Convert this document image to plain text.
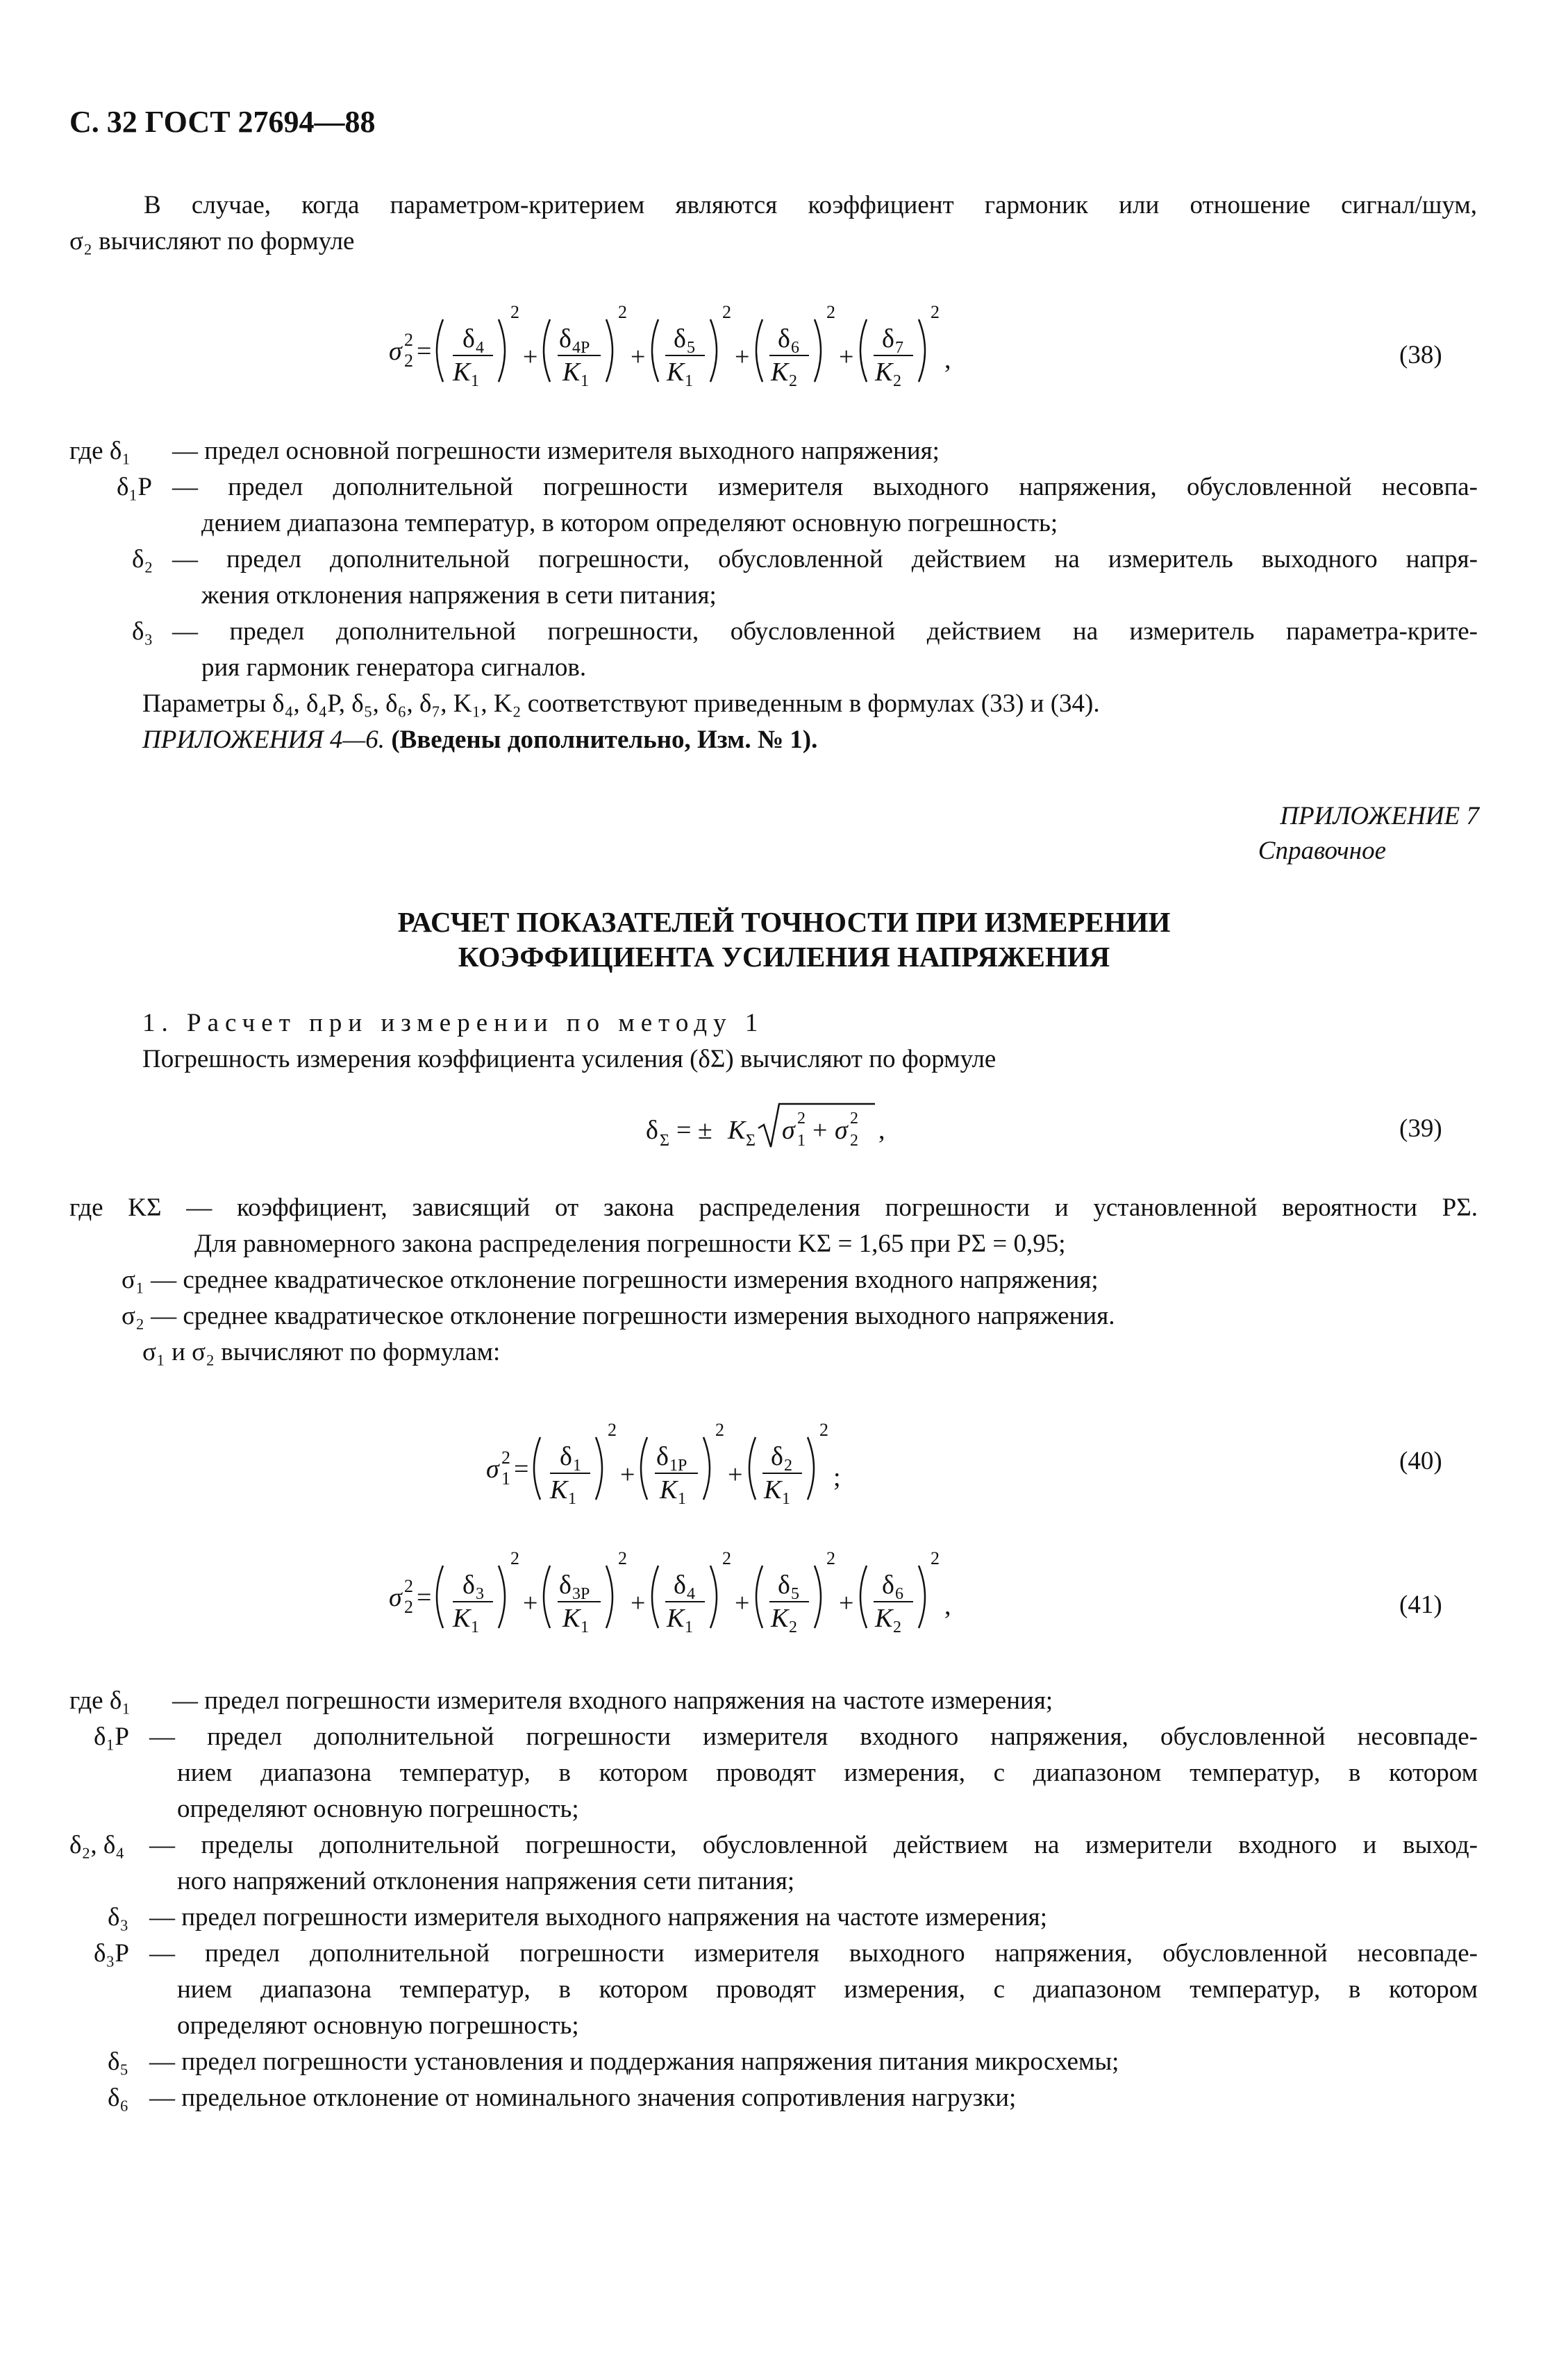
С. 32 ГОСТ 27694—88
В случае, когда параметром-критерием являются коэффициент гармоник или отношение сигнал/шум,
σ₂ вычисляют по формуле
σ 2
2 = δ 4
K 1
2
+
δ 4P
K 1
2
+
δ 5
K 1
2
+
δ 6
K 2
2
+
δ 7
K 2
2
,	(38)
где δ₁ — предел основной погрешности измерителя выходного напряжения;
δ₁P — предел дополнительной погрешности измерителя выходного напряжения, обусловленной несовпа-
дением диапазона температур, в котором определяют основную погрешность;
δ₂ — предел дополнительной погрешности, обусловленной действием на измеритель выходного напря-
жения отклонения напряжения в сети питания;
δ₃ — предел дополнительной погрешности, обусловленной действием на измеритель параметра-крите-
рия гармоник генератора сигналов.
Параметры δ₄, δ₄P, δ₅, δ₆, δ₇, K₁, K₂ соответствуют приведенным в формулах (33) и (34).
ПРИЛОЖЕНИЯ 4—6. (Введены дополнительно, Изм. № 1).
ПРИЛОЖЕНИЕ 7
Справочное
РАСЧЕТ ПОКАЗАТЕЛЕЙ ТОЧНОСТИ ПРИ ИЗМЕРЕНИИ
КОЭФФИЦИЕНТА УСИЛЕНИЯ НАПРЯЖЕНИЯ
1. Расчет при измерении по методу 1
Погрешность измерения коэффициента усиления (δΣ) вычисляют по формуле
δ Σ = ± K Σ σ 1
2 + σ 2
2 ,	(39)
где KΣ — коэффициент, зависящий от закона распределения погрешности и установленной вероятности PΣ.
Для равномерного закона распределения погрешности KΣ = 1,65 при PΣ = 0,95;
σ₁ — среднее квадратическое отклонение погрешности измерения входного напряжения;
σ₂ — среднее квадратическое отклонение погрешности измерения выходного напряжения.
σ₁ и σ₂ вычисляют по формулам:
σ 1
2 = δ 1
K 1
2
+
δ 1P
K 1
2
+
δ 2
K 1
2
;
(40)
σ 2
2 = δ 3
K 1
2
+
δ 3P
K 1
2
+
δ 4
K 1
2
+
δ 5
K 2
2
+
δ 6
K 2
2
,	(41)
где δ₁ — предел погрешности измерителя входного напряжения на частоте измерения;
δ₁P — предел дополнительной погрешности измерителя входного напряжения, обусловленной несовпаде-
нием диапазона температур, в котором проводят измерения, с диапазоном температур, в котором
определяют основную погрешность;
δ₂, δ₄ — пределы дополнительной погрешности, обусловленной действием на измерители входного и выход-
ного напряжений отклонения напряжения сети питания;
δ₃ — предел погрешности измерителя выходного напряжения на частоте измерения;
δ₃P — предел дополнительной погрешности измерителя выходного напряжения, обусловленной несовпаде-
нием диапазона температур, в котором проводят измерения, с диапазоном температур, в котором
определяют основную погрешность;
δ₅ — предел погрешности установления и поддержания напряжения питания микросхемы;
δ₆ — предельное отклонение от номинального значения сопротивления нагрузки;
